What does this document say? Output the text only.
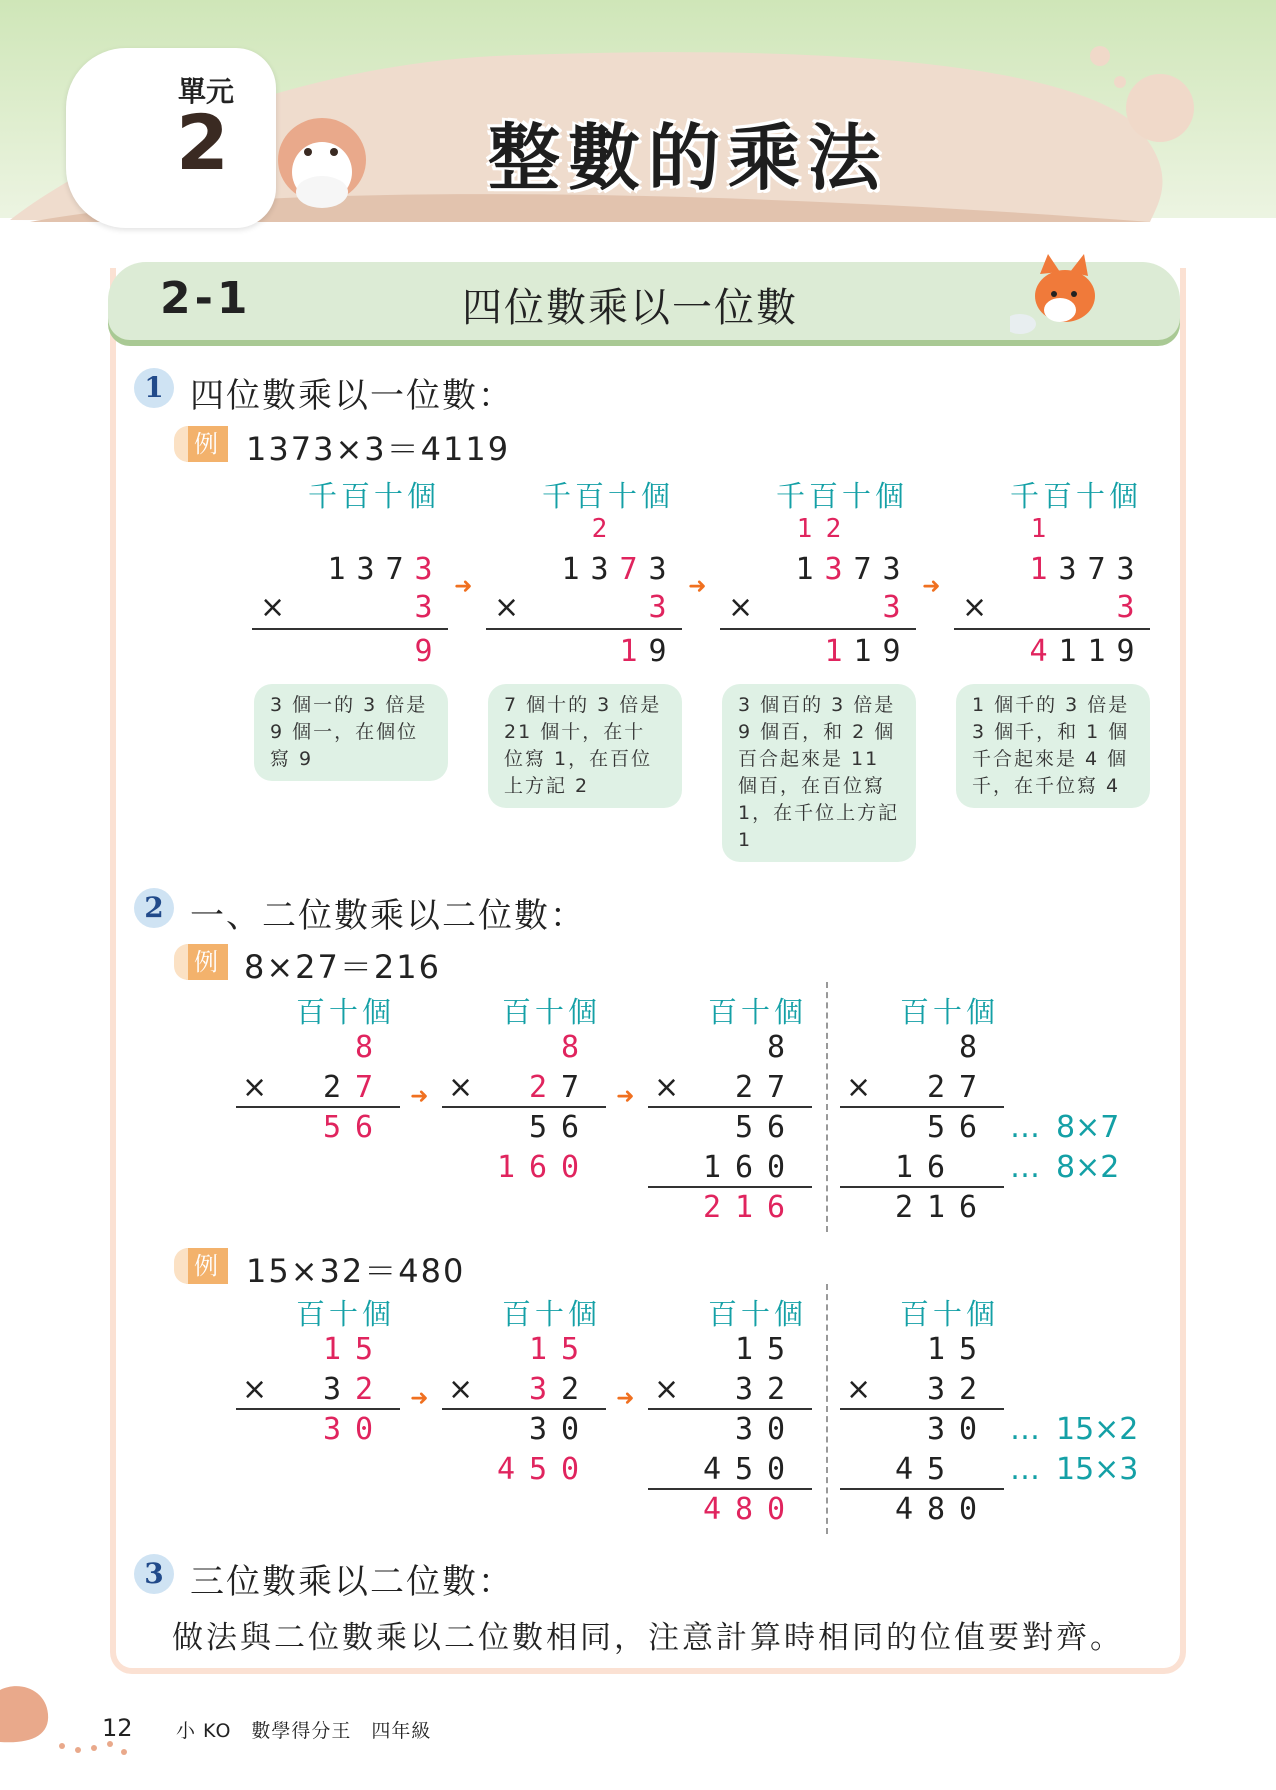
單元
2	整數的乘法
2-1	四位數乘以一位數
1 四位數乘以一位數：
例 1373×3＝4119
2 一、二位數乘以二位數：
例 8×27＝216
例 15×32＝480
3 三位數乘以二位數：
做法與二位數乘以二位數相同，注意計算時相同的位值要對齊。
12 小 KO　數學得分王　四年級
千百十個
1 3 7 3
×	3
9
3 個一的 3 倍是 9 個一，在個位寫 9
➜
千百十個
2
1 3 7 3
×	3
1 9
7 個十的 3 倍是 21 個十，在十位寫 1，在百位上方記 2
➜
千百十個
1 2
1 3 7 3
×	3
1 1 9
3 個百的 3 倍是 9 個百，和 2 個百合起來是 11 個百，在百位寫 1，在千位上方記 1
➜
千百十個
1
1 3 7 3
×	3
4 1 1 9
1 個千的 3 倍是 3 個千，和 1 個千合起來是 4 個千，在千位寫 4
百十個
8
× 2 7
5 6
➜
百十個
8
× 2 7
5 6
1 6 0
➜
百十個
8
× 2 7
5 6
1 6 0
2 1 6
百十個
8
× 2 7
5 6
1 6
2 1 6
… 8×7
… 8×2
百十個
1 5
× 3 2
3 0
➜
百十個
1 5
× 3 2
3 0
4 5 0
➜
百十個
1 5
× 3 2
3 0
4 5 0
4 8 0
百十個
1 5
× 3 2
3 0
4 5
4 8 0
… 15×2
… 15×3
